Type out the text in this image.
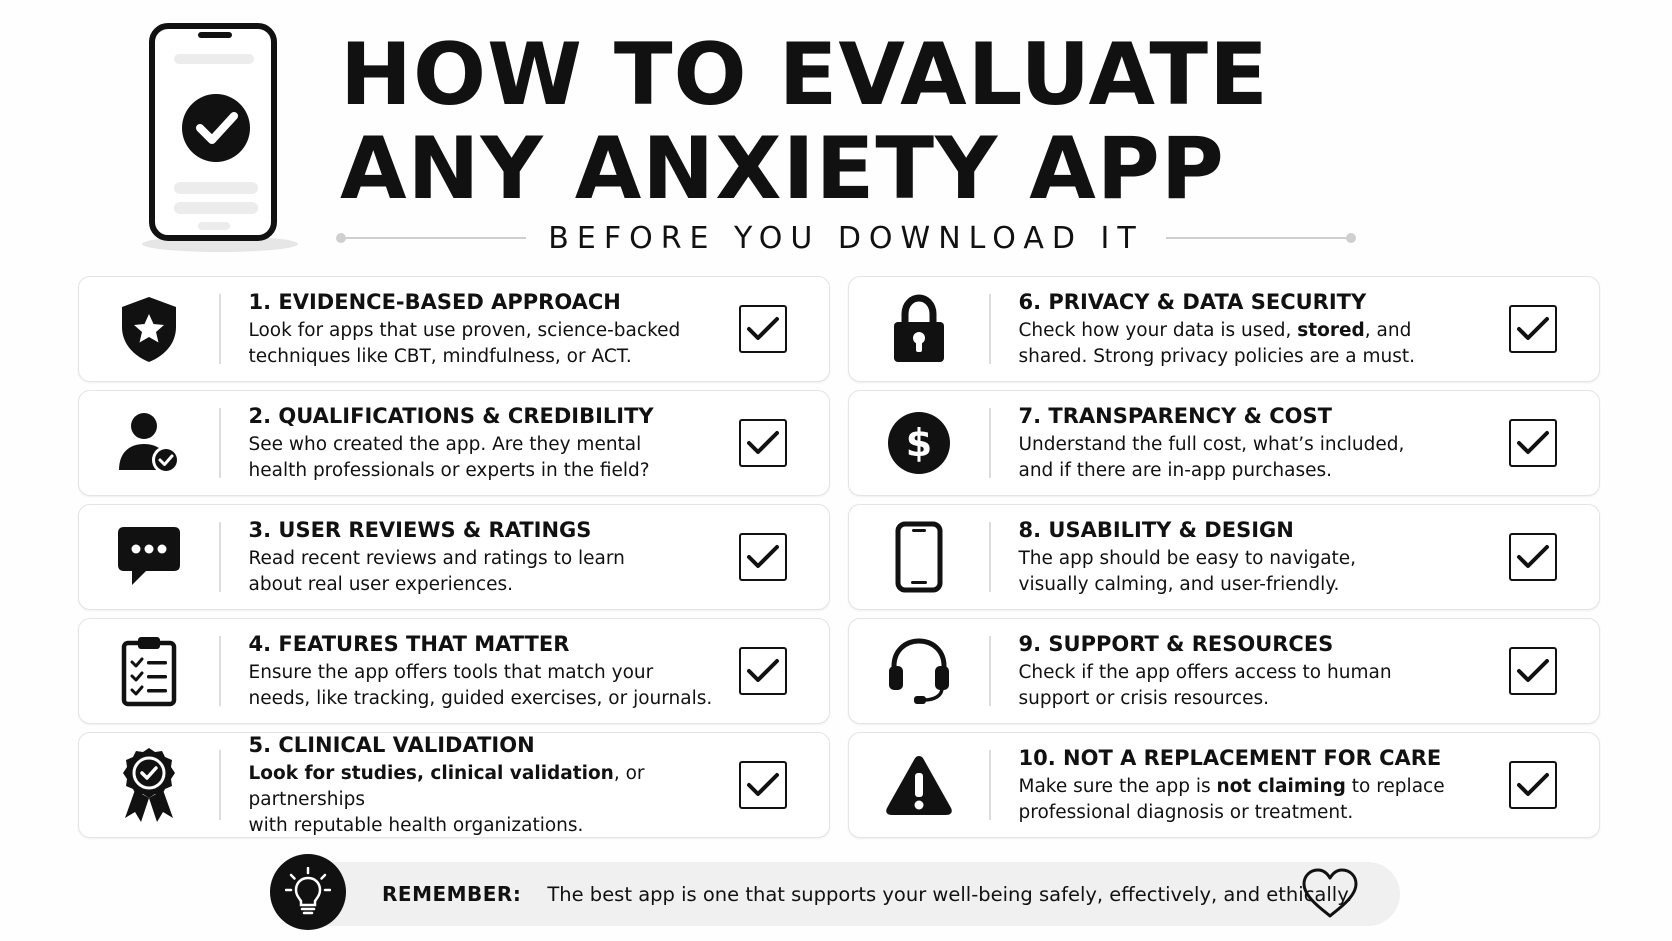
HOW TO EVALUATE
ANY ANXIETY APP
BEFORE YOU DOWNLOAD IT
1. EVIDENCE-BASED APPROACH
Look for apps that use proven, science-backed
techniques like CBT, mindfulness, or ACT.
6. PRIVACY & DATA SECURITY
Check how your data is used, stored, and
shared. Strong privacy policies are a must.
2. QUALIFICATIONS & CREDIBILITY
See who created the app. Are they mental
health professionals or experts in the field?
$
7. TRANSPARENCY & COST
Understand the full cost, what’s included,
and if there are in-app purchases.
3. USER REVIEWS & RATINGS
Read recent reviews and ratings to learn
about real user experiences.
8. USABILITY & DESIGN
The app should be easy to navigate,
visually calming, and user-friendly.
4. FEATURES THAT MATTER
Ensure the app offers tools that match your
needs, like tracking, guided exercises, or journals.
9. SUPPORT & RESOURCES
Check if the app offers access to human
support or crisis resources.
5. CLINICAL VALIDATION
Look for studies, clinical validation, or partnerships
with reputable health organizations.
10. NOT A REPLACEMENT FOR CARE
Make sure the app is not claiming to replace
professional diagnosis or treatment.
REMEMBER: The best app is one that supports your well-being safely, effectively, and ethically.
